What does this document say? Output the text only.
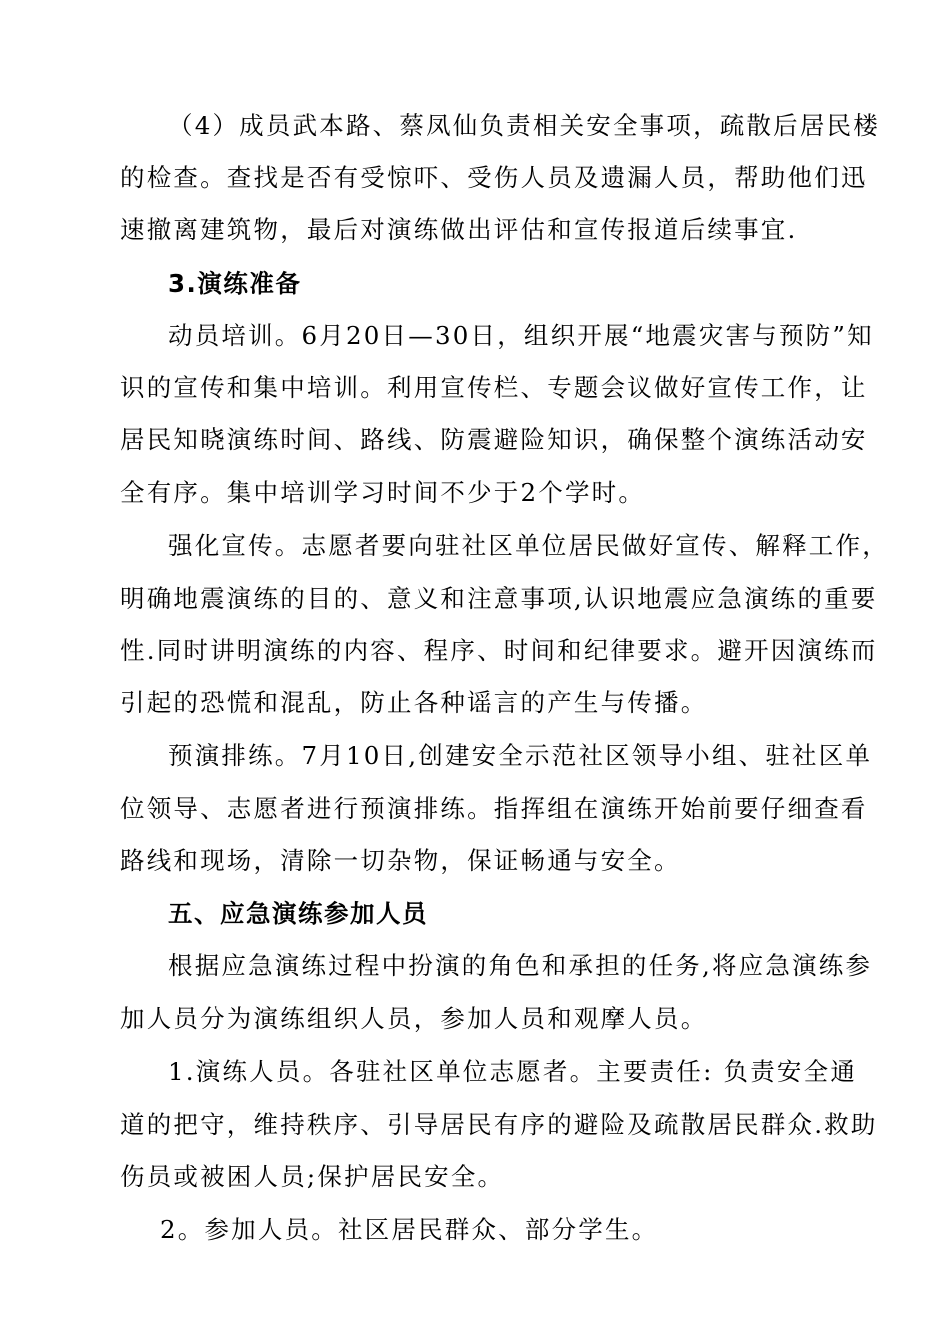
（4）成员武本路、蔡凤仙负责相关安全事项，疏散后居民楼
的检查。查找是否有受惊吓、受伤人员及遗漏人员，帮助他们迅
速撤离建筑物，最后对演练做出评估和宣传报道后续事宜.
3.演练准备
动员培训。6月20日—30日，组织开展“地震灾害与预防”知
识的宣传和集中培训。利用宣传栏、专题会议做好宣传工作，让
居民知晓演练时间、路线、防震避险知识，确保整个演练活动安
全有序。集中培训学习时间不少于2个学时。
强化宣传。志愿者要向驻社区单位居民做好宣传、解释工作，
明确地震演练的目的、意义和注意事项,认识地震应急演练的重要
性.同时讲明演练的内容、程序、时间和纪律要求。避开因演练而
引起的恐慌和混乱，防止各种谣言的产生与传播。
预演排练。7月10日,创建安全示范社区领导小组、驻社区单
位领导、志愿者进行预演排练。指挥组在演练开始前要仔细查看
路线和现场，清除一切杂物，保证畅通与安全。
五、应急演练参加人员
根据应急演练过程中扮演的角色和承担的任务,将应急演练参
加人员分为演练组织人员，参加人员和观摩人员。
1.演练人员。各驻社区单位志愿者。主要责任: 负责安全通
道的把守，维持秩序、引导居民有序的避险及疏散居民群众.救助
伤员或被困人员;保护居民安全。
2。参加人员。社区居民群众、部分学生。
